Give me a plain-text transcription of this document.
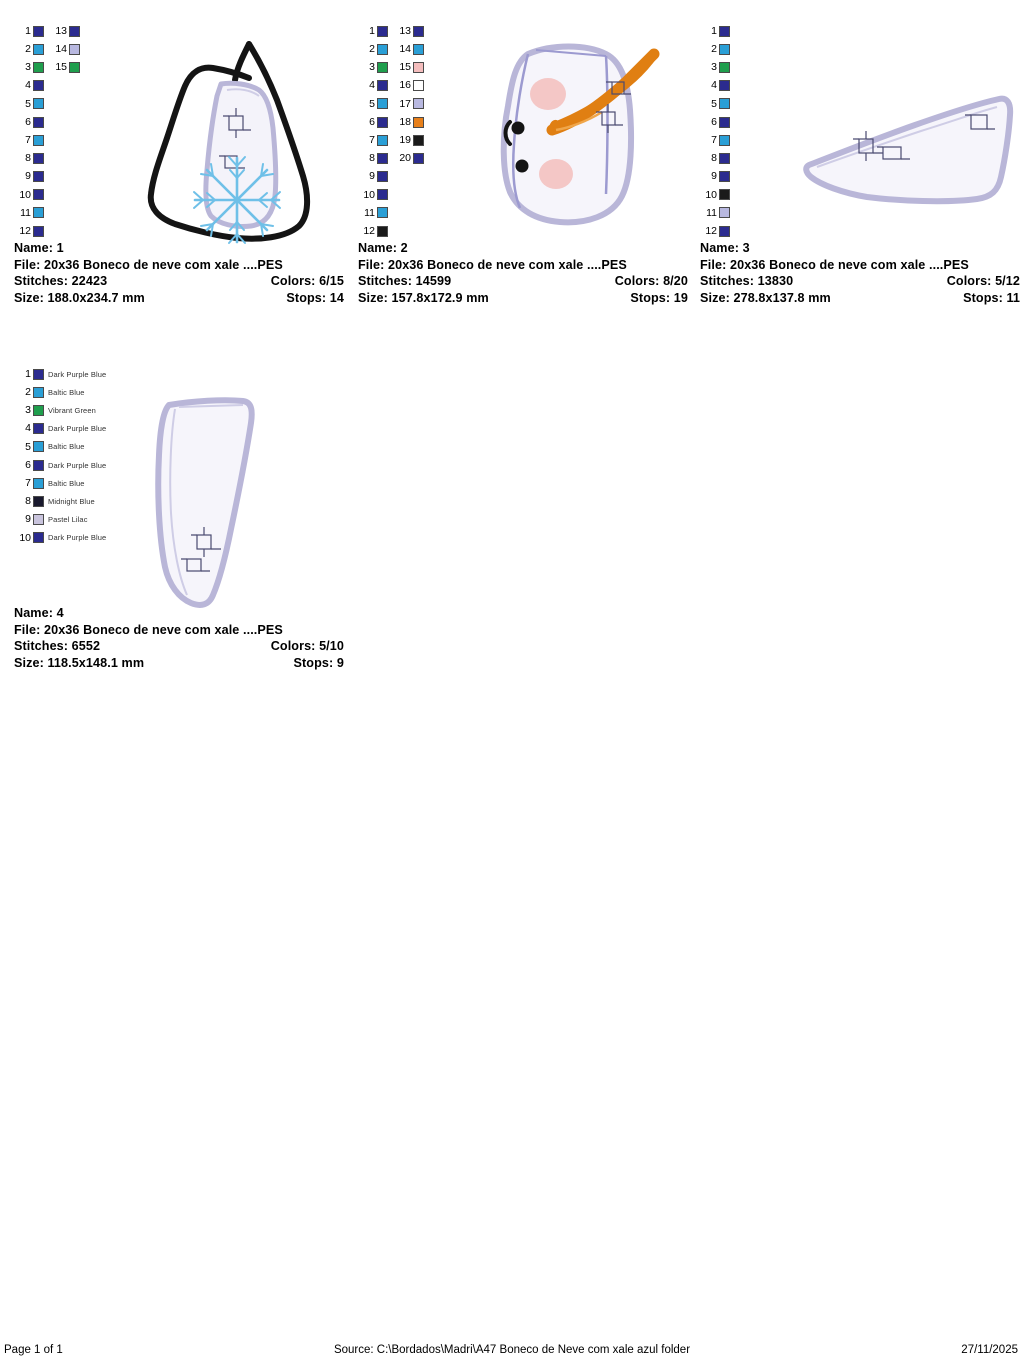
1
2
3
4
5
6
7
8
9
10
11
12
13
14
15
Name: 1
File: 20x36 Boneco de neve com xale ....PES
Stitches: 22423	Colors: 6/15
Size: 188.0x234.7 mm	Stops: 14
1
2
3
4
5
6
7
8
9
10
11
12
13
14
15
16
17
18
19
20
Name: 2
File: 20x36 Boneco de neve com xale ....PES
Stitches: 14599	Colors: 8/20
Size: 157.8x172.9 mm	Stops: 19
1
2
3
4
5
6
7
8
9
10
11
12
Name: 3
File: 20x36 Boneco de neve com xale ....PES
Stitches: 13830	Colors: 5/12
Size: 278.8x137.8 mm	Stops: 11
1	Dark Purple Blue
2	Baltic Blue
3	Vibrant Green
4	Dark Purple Blue
5	Baltic Blue
6	Dark Purple Blue
7	Baltic Blue
8	Midnight Blue
9	Pastel Lilac
10	Dark Purple Blue
Name: 4
File: 20x36 Boneco de neve com xale ....PES
Stitches: 6552	Colors: 5/10
Size: 118.5x148.1 mm	Stops: 9
Page 1 of 1	Source: C:\Bordados\Madri\A47 Boneco de Neve com xale azul folder	27/11/2025
